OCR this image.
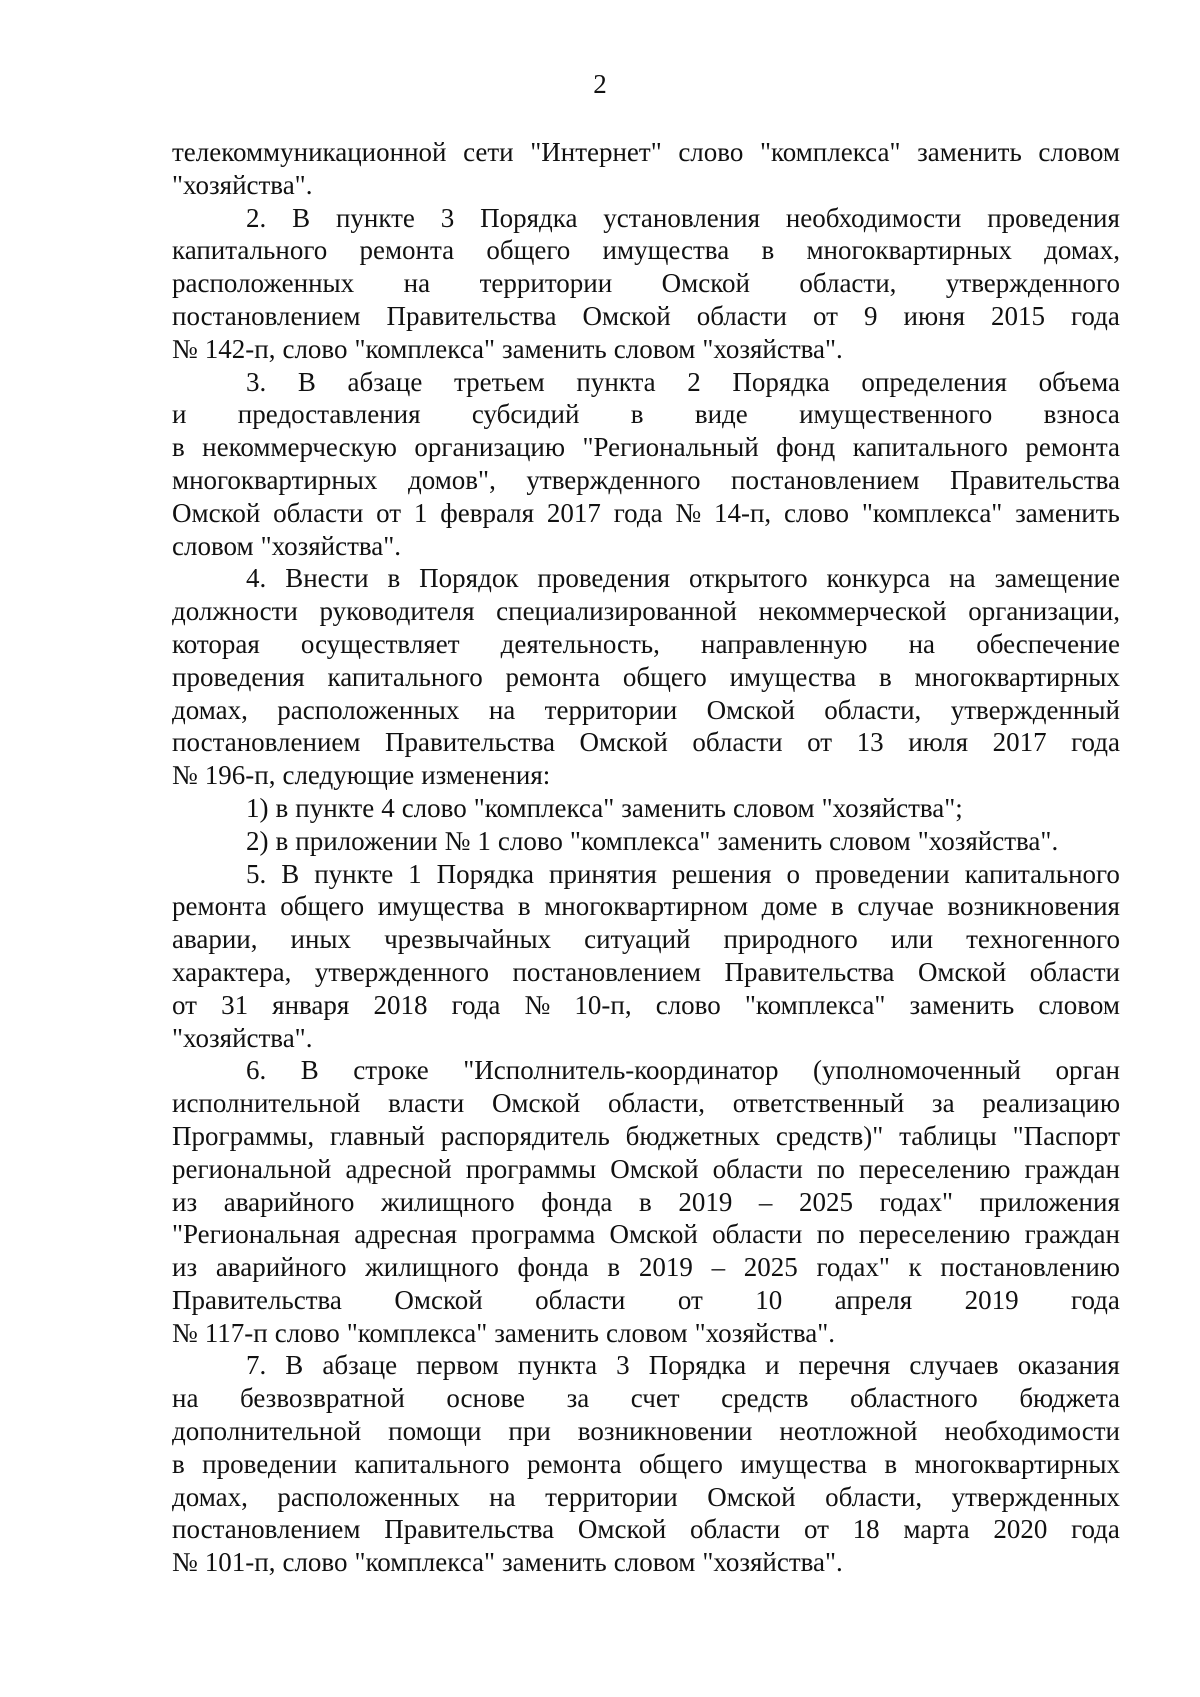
2
телекоммуникационной сети "Интернет" слово "комплекса" заменить словом
"хозяйства".
2. В пункте 3 Порядка установления необходимости проведения
капитального ремонта общего имущества в многоквартирных домах,
расположенных на территории Омской области, утвержденного
постановлением Правительства Омской области от 9 июня 2015 года
№ 142-п, слово "комплекса" заменить словом "хозяйства".
3. В абзаце третьем пункта 2 Порядка определения объема
и предоставления субсидий в виде имущественного взноса
в некоммерческую организацию "Региональный фонд капитального ремонта
многоквартирных домов", утвержденного постановлением Правительства
Омской области от 1 февраля 2017 года № 14-п, слово "комплекса" заменить
словом "хозяйства".
4. Внести в Порядок проведения открытого конкурса на замещение
должности руководителя специализированной некоммерческой организации,
которая осуществляет деятельность, направленную на обеспечение
проведения капитального ремонта общего имущества в многоквартирных
домах, расположенных на территории Омской области, утвержденный
постановлением Правительства Омской области от 13 июля 2017 года
№ 196-п, следующие изменения:
1) в пункте 4 слово "комплекса" заменить словом "хозяйства";
2) в приложении № 1 слово "комплекса" заменить словом "хозяйства".
5. В пункте 1 Порядка принятия решения о проведении капитального
ремонта общего имущества в многоквартирном доме в случае возникновения
аварии, иных чрезвычайных ситуаций природного или техногенного
характера, утвержденного постановлением Правительства Омской области
от 31 января 2018 года № 10-п, слово "комплекса" заменить словом
"хозяйства".
6. В строке "Исполнитель-координатор (уполномоченный орган
исполнительной власти Омской области, ответственный за реализацию
Программы, главный распорядитель бюджетных средств)" таблицы "Паспорт
региональной адресной программы Омской области по переселению граждан
из аварийного жилищного фонда в 2019 – 2025 годах" приложения
"Региональная адресная программа Омской области по переселению граждан
из аварийного жилищного фонда в 2019 – 2025 годах" к постановлению
Правительства Омской области от 10 апреля 2019 года
№ 117-п слово "комплекса" заменить словом "хозяйства".
7. В абзаце первом пункта 3 Порядка и перечня случаев оказания
на безвозвратной основе за счет средств областного бюджета
дополнительной помощи при возникновении неотложной необходимости
в проведении капитального ремонта общего имущества в многоквартирных
домах, расположенных на территории Омской области, утвержденных
постановлением Правительства Омской области от 18 марта 2020 года
№ 101-п, слово "комплекса" заменить словом "хозяйства".
